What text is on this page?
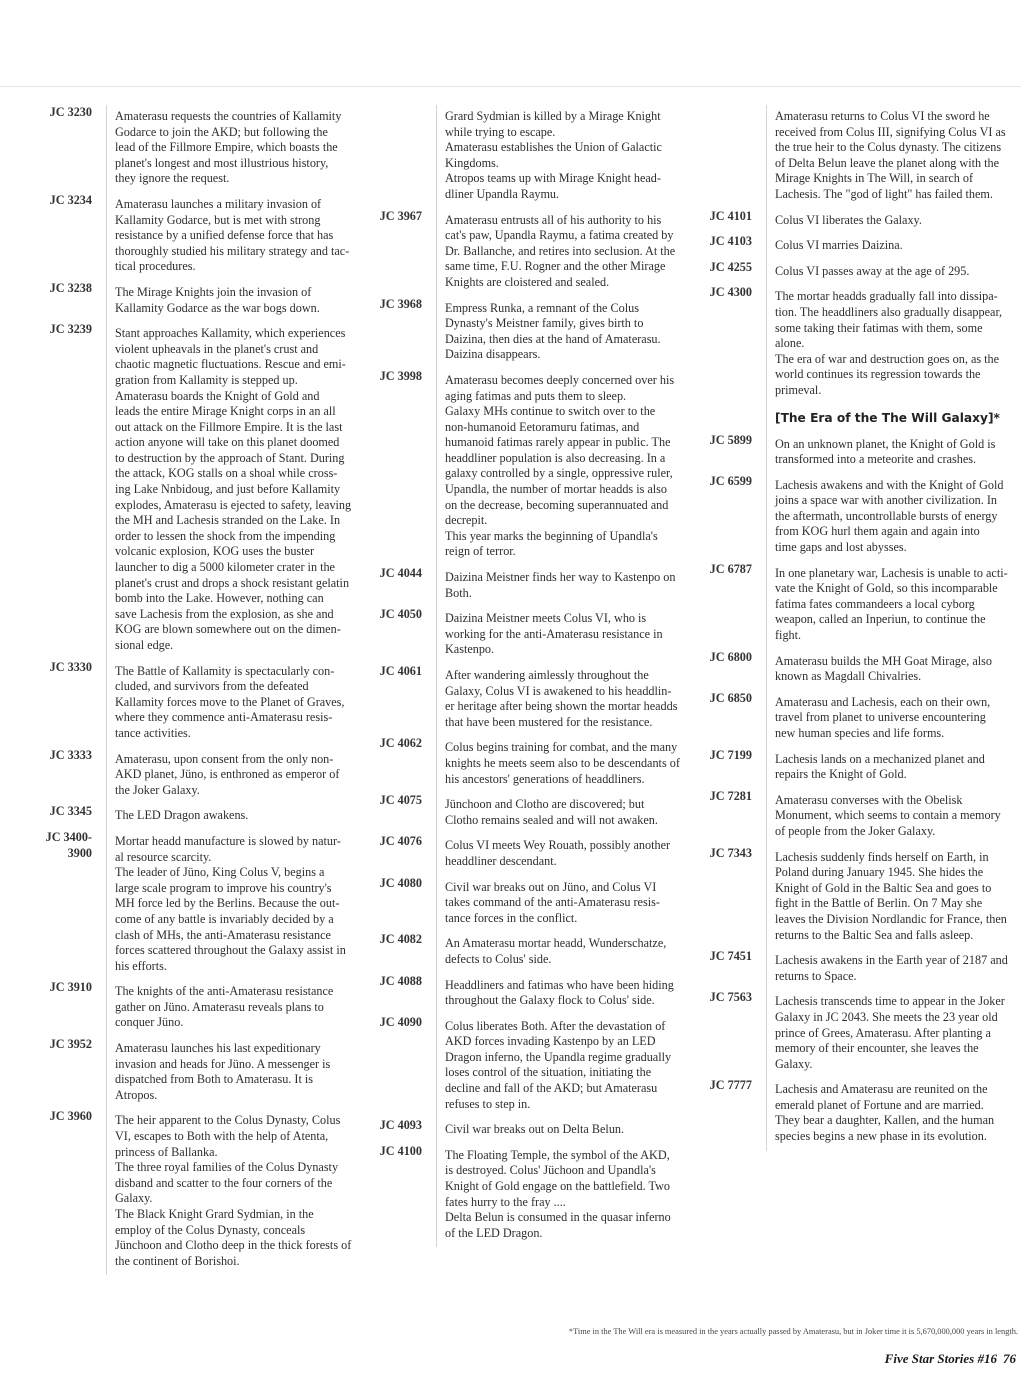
JC 3230	Amaterasu requests the countries of Kallamity
Godarce to join the AKD; but following the
lead of the Fillmore Empire, which boasts the
planet's longest and most illustrious history,
they ignore the request.
JC 3234	Amaterasu launches a military invasion of
Kallamity Godarce, but is met with strong
resistance by a unified defense force that has
thoroughly studied his military strategy and tac-
tical procedures.
JC 3238	The Mirage Knights join the invasion of
Kallamity Godarce as the war bogs down.
JC 3239	Stant approaches Kallamity, which experiences
violent upheavals in the planet's crust and
chaotic magnetic fluctuations. Rescue and emi-
gration from Kallamity is stepped up.
Amaterasu boards the Knight of Gold and
leads the entire Mirage Knight corps in an all
out attack on the Fillmore Empire. It is the last
action anyone will take on this planet doomed
to destruction by the approach of Stant. During
the attack, KOG stalls on a shoal while cross-
ing Lake Nnbidoug, and just before Kallamity
explodes, Amaterasu is ejected to safety, leaving
the MH and Lachesis stranded on the Lake. In
order to lessen the shock from the impending
volcanic explosion, KOG uses the buster
launcher to dig a 5000 kilometer crater in the
planet's crust and drops a shock resistant gelatin
bomb into the Lake. However, nothing can
save Lachesis from the explosion, as she and
KOG are blown somewhere out on the dimen-
sional edge.
JC 3330	The Battle of Kallamity is spectacularly con-
cluded, and survivors from the defeated
Kallamity forces move to the Planet of Graves,
where they commence anti-Amaterasu resis-
tance activities.
JC 3333	Amaterasu, upon consent from the only non-
AKD planet, Jüno, is enthroned as emperor of
the Joker Galaxy.
JC 3345	The LED Dragon awakens.
JC 3400-
3900
Mortar headd manufacture is slowed by natur-
al resource scarcity.
The leader of Jüno, King Colus V, begins a
large scale program to improve his country's
MH force led by the Berlins. Because the out-
come of any battle is invariably decided by a
clash of MHs, the anti-Amaterasu resistance
forces scattered throughout the Galaxy assist in
his efforts.
JC 3910	The knights of the anti-Amaterasu resistance
gather on Jüno. Amaterasu reveals plans to
conquer Jüno.
JC 3952	Amaterasu launches his last expeditionary
invasion and heads for Jüno. A messenger is
dispatched from Both to Amaterasu. It is
Atropos.
JC 3960	The heir apparent to the Colus Dynasty, Colus
VI, escapes to Both with the help of Atenta,
princess of Ballanka.
The three royal families of the Colus Dynasty
disband and scatter to the four corners of the
Galaxy.
The Black Knight Grard Sydmian, in the
employ of the Colus Dynasty, conceals
Jünchoon and Clotho deep in the thick forests of
the continent of Borishoi.
Grard Sydmian is killed by a Mirage Knight
while trying to escape.
Amaterasu establishes the Union of Galactic
Kingdoms.
Atropos teams up with Mirage Knight head-
dliner Upandla Raymu.
JC 3967	Amaterasu entrusts all of his authority to his
cat's paw, Upandla Raymu, a fatima created by
Dr. Ballanche, and retires into seclusion. At the
same time, F.U. Rogner and the other Mirage
Knights are cloistered and sealed.
JC 3968	Empress Runka, a remnant of the Colus
Dynasty's Meistner family, gives birth to
Daizina, then dies at the hand of Amaterasu.
Daizina disappears.
JC 3998	Amaterasu becomes deeply concerned over his
aging fatimas and puts them to sleep.
Galaxy MHs continue to switch over to the
non-humanoid Eetoramuru fatimas, and
humanoid fatimas rarely appear in public. The
headdliner population is also decreasing. In a
galaxy controlled by a single, oppressive ruler,
Upandla, the number of mortar headds is also
on the decrease, becoming superannuated and
decrepit.
This year marks the beginning of Upandla's
reign of terror.
JC 4044	Daizina Meistner finds her way to Kastenpo on
Both.
JC 4050	Daizina Meistner meets Colus VI, who is
working for the anti-Amaterasu resistance in
Kastenpo.
JC 4061	After wandering aimlessly throughout the
Galaxy, Colus VI is awakened to his headdlin-
er heritage after being shown the mortar headds
that have been mustered for the resistance.
JC 4062	Colus begins training for combat, and the many
knights he meets seem also to be descendants of
his ancestors' generations of headdliners.
JC 4075	Jünchoon and Clotho are discovered; but
Clotho remains sealed and will not awaken.
JC 4076	Colus VI meets Wey Rouath, possibly another
headdliner descendant.
JC 4080	Civil war breaks out on Jüno, and Colus VI
takes command of the anti-Amaterasu resis-
tance forces in the conflict.
JC 4082	An Amaterasu mortar headd, Wunderschatze,
defects to Colus' side.
JC 4088	Headdliners and fatimas who have been hiding
throughout the Galaxy flock to Colus' side.
JC 4090	Colus liberates Both. After the devastation of
AKD forces invading Kastenpo by an LED
Dragon inferno, the Upandla regime gradually
loses control of the situation, initiating the
decline and fall of the AKD; but Amaterasu
refuses to step in.
JC 4093	Civil war breaks out on Delta Belun.
JC 4100	The Floating Temple, the symbol of the AKD,
is destroyed. Colus' Jüchoon and Upandla's
Knight of Gold engage on the battlefield. Two
fates hurry to the fray ....
Delta Belun is consumed in the quasar inferno
of the LED Dragon.
Amaterasu returns to Colus VI the sword he
received from Colus III, signifying Colus VI as
the true heir to the Colus dynasty. The citizens
of Delta Belun leave the planet along with the
Mirage Knights in The Will, in search of
Lachesis. The "god of light" has failed them.
JC 4101	Colus VI liberates the Galaxy.
JC 4103	Colus VI marries Daizina.
JC 4255	Colus VI passes away at the age of 295.
JC 4300	The mortar headds gradually fall into dissipa-
tion. The headdliners also gradually disappear,
some taking their fatimas with them, some
alone.
The era of war and destruction goes on, as the
world continues its regression towards the
primeval.
[The Era of the The Will Galaxy]*
JC 5899	On an unknown planet, the Knight of Gold is
transformed into a meteorite and crashes.
JC 6599	Lachesis awakens and with the Knight of Gold
joins a space war with another civilization. In
the aftermath, uncontrollable bursts of energy
from KOG hurl them again and again into
time gaps and lost abysses.
JC 6787	In one planetary war, Lachesis is unable to acti-
vate the Knight of Gold, so this incomparable
fatima fates commandeers a local cyborg
weapon, called an Inperiun, to continue the
fight.
JC 6800	Amaterasu builds the MH Goat Mirage, also
known as Magdall Chivalries.
JC 6850	Amaterasu and Lachesis, each on their own,
travel from planet to universe encountering
new human species and life forms.
JC 7199	Lachesis lands on a mechanized planet and
repairs the Knight of Gold.
JC 7281	Amaterasu converses with the Obelisk
Monument, which seems to contain a memory
of people from the Joker Galaxy.
JC 7343	Lachesis suddenly finds herself on Earth, in
Poland during January 1945. She hides the
Knight of Gold in the Baltic Sea and goes to
fight in the Battle of Berlin. On 7 May she
leaves the Division Nordlandic for France, then
returns to the Baltic Sea and falls asleep.
JC 7451	Lachesis awakens in the Earth year of 2187 and
returns to Space.
JC 7563	Lachesis transcends time to appear in the Joker
Galaxy in JC 2043. She meets the 23 year old
prince of Grees, Amaterasu. After planting a
memory of their encounter, she leaves the
Galaxy.
JC 7777	Lachesis and Amaterasu are reunited on the
emerald planet of Fortune and are married.
They bear a daughter, Kallen, and the human
species begins a new phase in its evolution.
*Time in the The Will era is measured in the years actually passed by Amaterasu, but in Joker time it is 5,670,000,000 years in length.
Five Star Stories #16 76
